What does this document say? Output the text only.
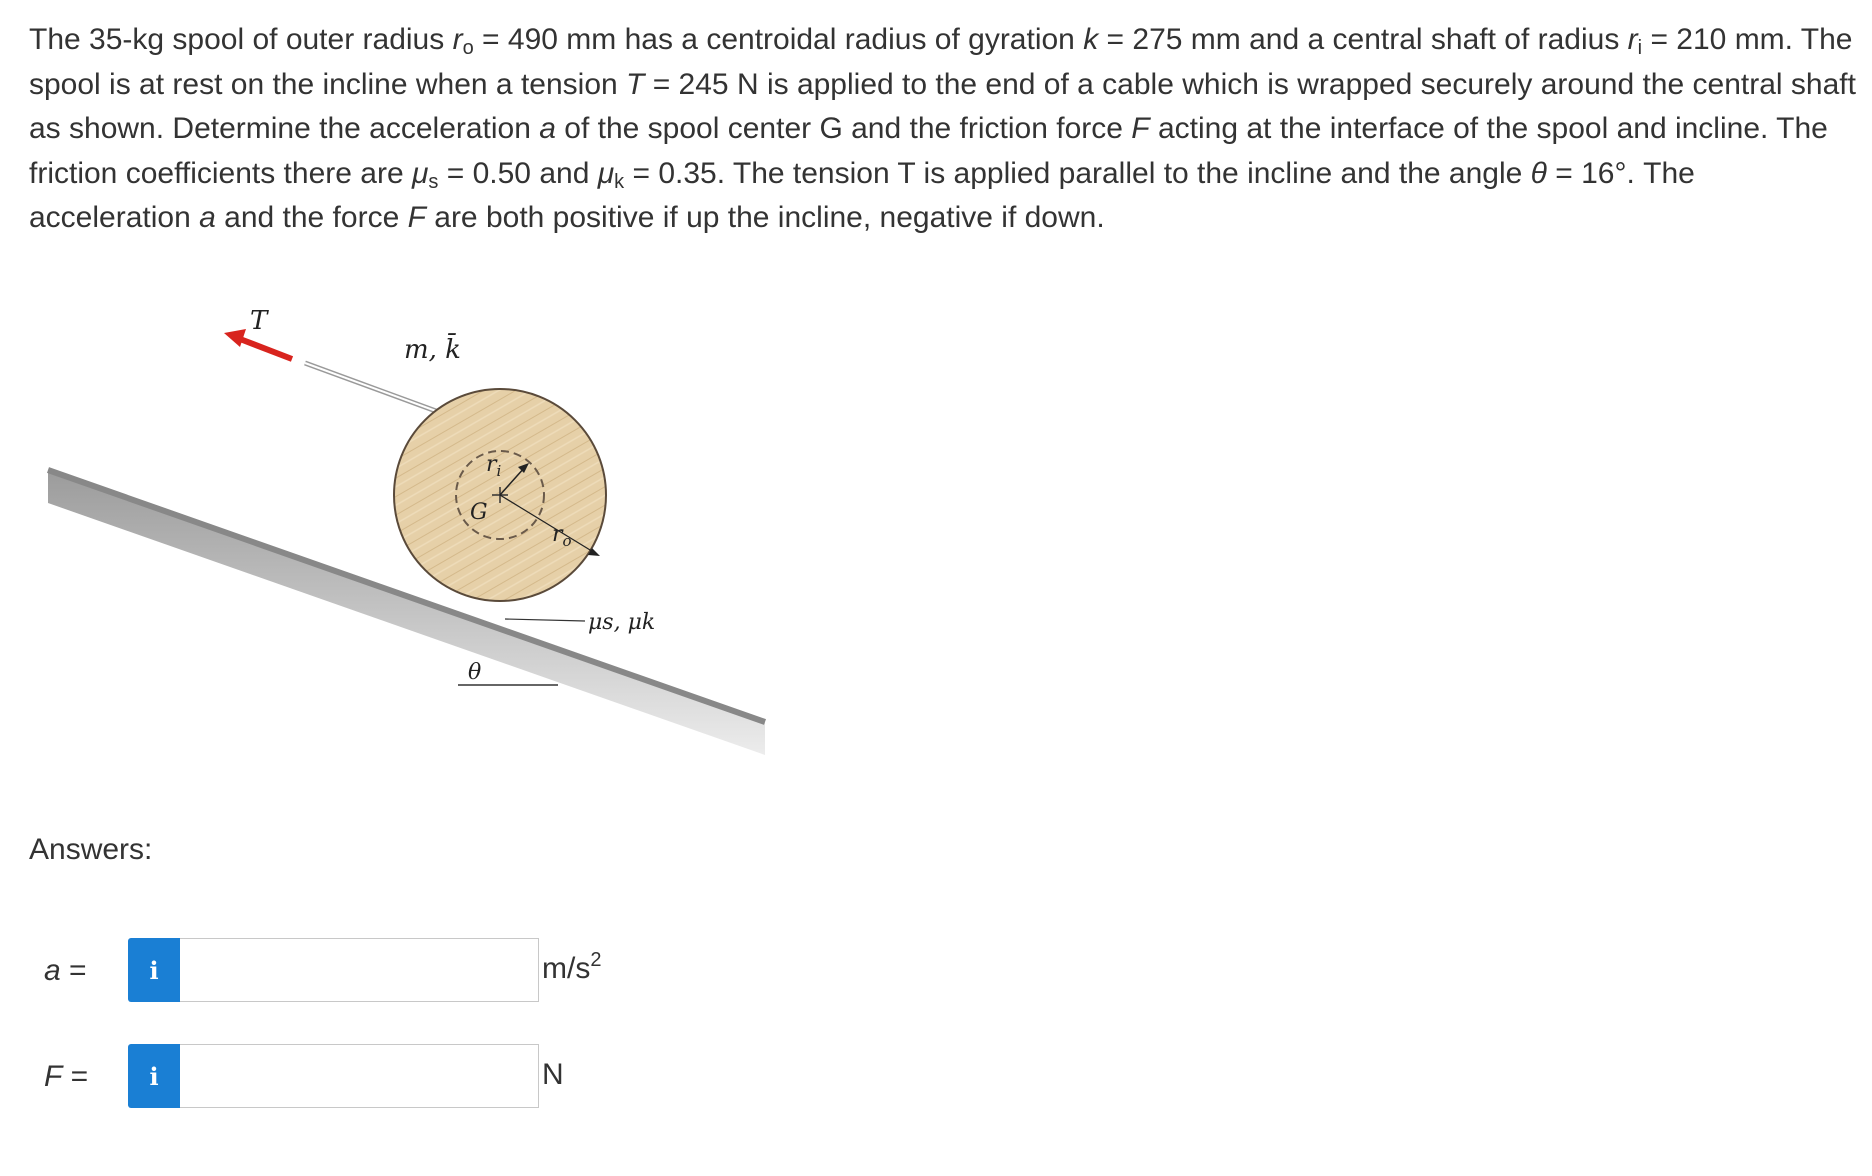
The 35-kg spool of outer radius $r_o = 490$ mm has a centroidal radius of gyration k = 275 mm and a central shaft of radius $r_i = 210$ mm. The spool is at rest on the incline when a tension T = 245 N is applied to the end of a cable which is wrapped securely around the central shaft as shown. Determine the acceleration a of the spool center G and the friction force F acting at the interface of the spool and incline. The friction coefficients there are $\mu_s = 0.50$ and $\mu_k = 0.35$. The tension T is applied parallel to the incline and the angle θ = 16°. The acceleration a and the force F are both positive if up the incline, negative if down.
T
m, k̄
$r_i$
G
$r_o$
μs, μk
θ
Answers:
a =	i	$m/s^2$
F =	i	N
